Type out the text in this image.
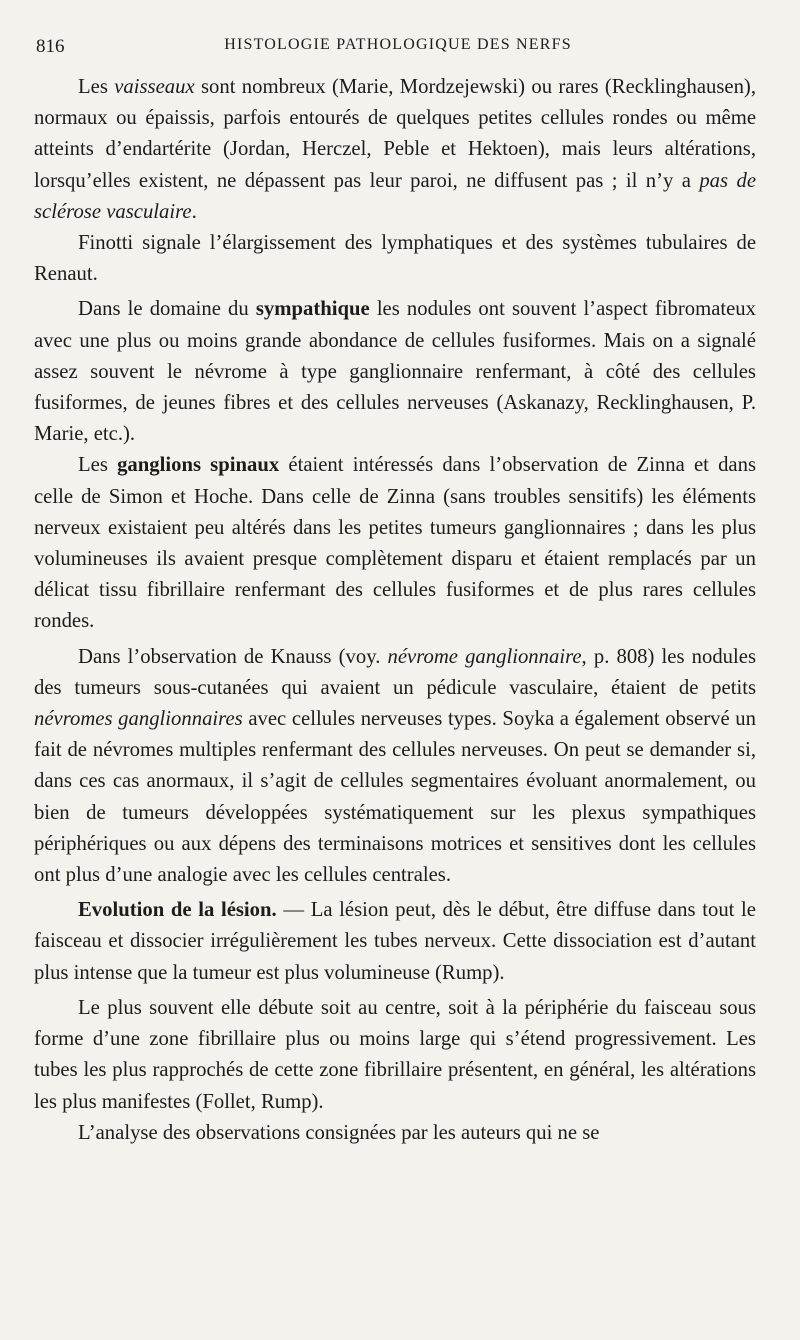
816	HISTOLOGIE PATHOLOGIQUE DES NERFS

Les vaisseaux sont nombreux (Marie, Mordzejewski) ou rares (Recklinghausen), normaux ou épaissis, parfois entourés de quelques petites cellules rondes ou même atteints d’endartérite (Jordan, Herczel, Peble et Hektoen), mais leurs altérations, lorsqu’elles existent, ne dépassent pas leur paroi, ne diffusent pas ; il n’y a pas de sclérose vasculaire.

Finotti signale l’élargissement des lymphatiques et des systèmes tubulaires de Renaut.

Dans le domaine du sympathique les nodules ont souvent l’aspect fibromateux avec une plus ou moins grande abondance de cellules fusiformes. Mais on a signalé assez souvent le névrome à type ganglionnaire renfermant, à côté des cellules fusiformes, de jeunes fibres et des cellules nerveuses (Askanazy, Recklinghausen, P. Marie, etc.).

Les ganglions spinaux étaient intéressés dans l’observation de Zinna et dans celle de Simon et Hoche. Dans celle de Zinna (sans troubles sensitifs) les éléments nerveux existaient peu altérés dans les petites tumeurs ganglionnaires ; dans les plus volumineuses ils avaient presque complètement disparu et étaient remplacés par un délicat tissu fibrillaire renfermant des cellules fusiformes et de plus rares cellules rondes.

Dans l’observation de Knauss (voy. névrome ganglionnaire, p. 808) les nodules des tumeurs sous-cutanées qui avaient un pédicule vasculaire, étaient de petits névromes ganglionnaires avec cellules nerveuses types. Soyka a également observé un fait de névromes multiples renfermant des cellules nerveuses. On peut se demander si, dans ces cas anormaux, il s’agit de cellules segmentaires évoluant anormalement, ou bien de tumeurs développées systématiquement sur les plexus sympathiques périphériques ou aux dépens des terminaisons motrices et sensitives dont les cellules ont plus d’une analogie avec les cellules centrales.

Evolution de la lésion. — La lésion peut, dès le début, être diffuse dans tout le faisceau et dissocier irrégulièrement les tubes nerveux. Cette dissociation est d’autant plus intense que la tumeur est plus volumineuse (Rump).

Le plus souvent elle débute soit au centre, soit à la périphérie du faisceau sous forme d’une zone fibrillaire plus ou moins large qui s’étend progressivement. Les tubes les plus rapprochés de cette zone fibrillaire présentent, en général, les altérations les plus manifestes (Follet, Rump).

L’analyse des observations consignées par les auteurs qui ne se
